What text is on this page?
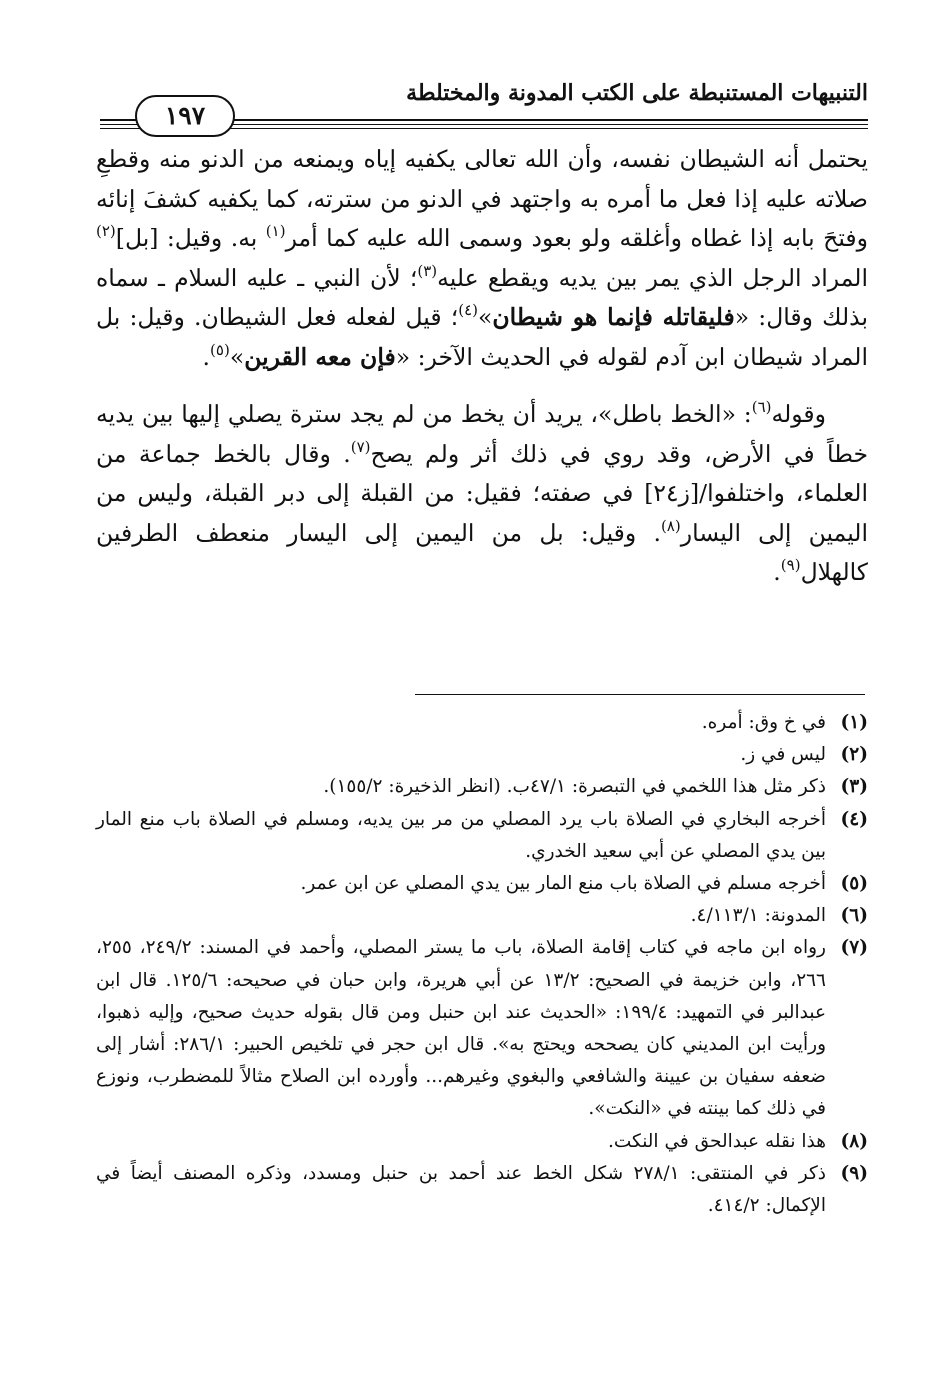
التنبيهات المستنبطة على الكتب المدونة والمختلطة
١٩٧

يحتمل أنه الشيطان نفسه، وأن الله تعالى يكفيه إياه ويمنعه من الدنو منه وقطعِ صلاته عليه إذا فعل ما أمره به واجتهد في الدنو من سترته، كما يكفيه كشفَ إنائه وفتحَ بابه إذا غطاه وأغلقه ولو بعود وسمى الله عليه كما أمر$^{(١)}$ به. وقيل: [بل]$^{(٢)}$ المراد الرجل الذي يمر بين يديه ويقطع عليه$^{(٣)}$؛ لأن النبي ـ عليه السلام ـ سماه بذلك وقال: «فليقاتله فإنما هو شيطان»$^{(٤)}$؛ قيل لفعله فعل الشيطان. وقيل: بل المراد شيطان ابن آدم لقوله في الحديث الآخر: «فإن معه القرين»$^{(٥)}$.

وقوله$^{(٦)}$: «الخط باطل»، يريد أن يخط من لم يجد سترة يصلي إليها بين يديه خطاً في الأرض، وقد روي في ذلك أثر ولم يصح$^{(٧)}$. وقال بالخط جماعة من العلماء، واختلفوا/[ز٢٤] في صفته؛ فقيل: من القبلة إلى دبر القبلة، وليس من اليمين إلى اليسار$^{(٨)}$. وقيل: بل من اليمين إلى اليسار منعطف الطرفين كالهلال$^{(٩)}$.

(١)
في خ وق: أمره.
(٢)
ليس في ز.
(٣)
ذكر مثل هذا اللخمي في التبصرة: ٤٧/١ب. (انظر الذخيرة: ١٥٥/٢).
(٤)
أخرجه البخاري في الصلاة باب يرد المصلي من مر بين يديه، ومسلم في الصلاة باب منع المار بين يدي المصلي عن أبي سعيد الخدري.
(٥)
أخرجه مسلم في الصلاة باب منع المار بين يدي المصلي عن ابن عمر.
(٦)
المدونة: ٤/١١٣/١.
(٧)
رواه ابن ماجه في كتاب إقامة الصلاة، باب ما يستر المصلي، وأحمد في المسند: ٢٤٩/٢، ٢٥٥، ٢٦٦، وابن خزيمة في الصحيح: ١٣/٢ عن أبي هريرة، وابن حبان في صحيحه: ١٢٥/٦. قال ابن عبدالبر في التمهيد: ١٩٩/٤: «الحديث عند ابن حنبل ومن قال بقوله حديث صحيح، وإليه ذهبوا، ورأيت ابن المديني كان يصححه ويحتج به». قال ابن حجر في تلخيص الحبير: ٢٨٦/١: أشار إلى ضعفه سفيان بن عيينة والشافعي والبغوي وغيرهم... وأورده ابن الصلاح مثالاً للمضطرب، ونوزع في ذلك كما بينته في «النكت».
(٨)
هذا نقله عبدالحق في النكت.
(٩)
ذكر في المنتقى: ٢٧٨/١ شكل الخط عند أحمد بن حنبل ومسدد، وذكره المصنف أيضاً في الإكمال: ٤١٤/٢.
